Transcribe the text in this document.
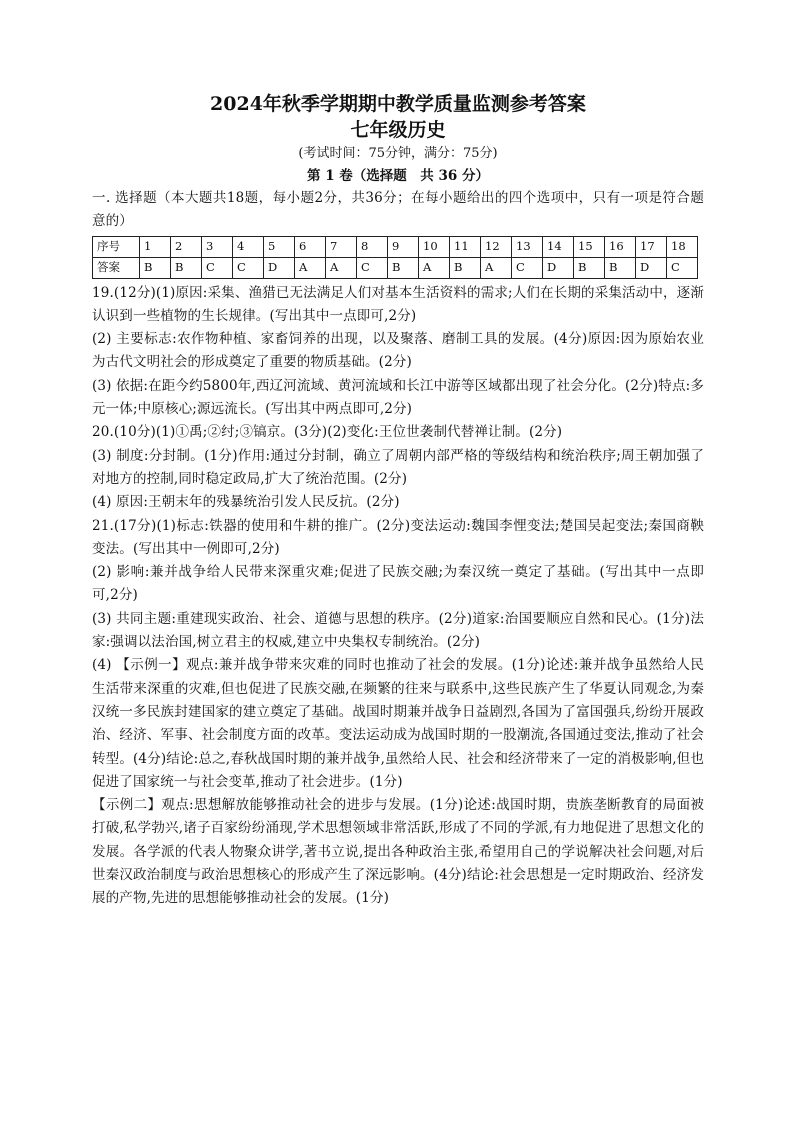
2024年秋季学期期中教学质量监测参考答案

七年级历史

(考试时间：75分钟，满分：75分)

第 1 卷（选择题　共 36 分）

一. 选择题（本大题共18题，每小题2分，共36分；在每小题给出的四个选项中，只有一项是符合题意的）

序号	1	2	3	4	5	6	7	8	9	10	11	12	13	14	15	16	17	18
答案	B	B	C	C	D	A	A	C	B	A	B	A	C	D	B	B	D	C

19.(12分)(1)原因:采集、渔猎已无法满足人们对基本生活资料的需求;人们在长期的采集活动中，逐渐认识到一些植物的生长规律。(写出其中一点即可,2分)

(2) 主要标志:农作物种植、家畜饲养的出现，以及聚落、磨制工具的发展。(4分)原因:因为原始农业为古代文明社会的形成奠定了重要的物质基础。(2分)

(3) 依据:在距今约5800年,西辽河流域、黄河流域和长江中游等区域都出现了社会分化。(2分)特点:多元一体;中原核心;源远流长。(写出其中两点即可,2分)

20.(10分)(1)①禹;②纣;③镐京。(3分)(2)变化:王位世袭制代替禅让制。(2分)

(3) 制度:分封制。(1分)作用:通过分封制，确立了周朝内部严格的等级结构和统治秩序;周王朝加强了对地方的控制,同时稳定政局,扩大了统治范围。(2分)

(4) 原因:王朝末年的残暴统治引发人民反抗。(2分)

21.(17分)(1)标志:铁器的使用和牛耕的推广。(2分)变法运动:魏国李悝变法;楚国吴起变法;秦国商鞅变法。(写出其中一例即可,2分)

(2) 影响:兼并战争给人民带来深重灾难;促进了民族交融;为秦汉统一奠定了基础。(写出其中一点即可,2分)

(3) 共同主题:重建现实政治、社会、道德与思想的秩序。(2分)道家:治国要顺应自然和民心。(1分)法家:强调以法治国,树立君主的权威,建立中央集权专制统治。(2分)

(4) 【示例一】观点:兼并战争带来灾难的同时也推动了社会的发展。(1分)论述:兼并战争虽然给人民生活带来深重的灾难,但也促进了民族交融,在频繁的往来与联系中,这些民族产生了华夏认同观念,为秦汉统一多民族封建国家的建立奠定了基础。战国时期兼并战争日益剧烈,各国为了富国强兵,纷纷开展政治、经济、军事、社会制度方面的改革。变法运动成为战国时期的一股潮流,各国通过变法,推动了社会转型。(4分)结论:总之,春秋战国时期的兼并战争,虽然给人民、社会和经济带来了一定的消极影响,但也促进了国家统一与社会变革,推动了社会进步。(1分)

【示例二】观点:思想解放能够推动社会的进步与发展。(1分)论述:战国时期，贵族垄断教育的局面被打破,私学勃兴,诸子百家纷纷涌现,学术思想领域非常活跃,形成了不同的学派,有力地促进了思想文化的发展。各学派的代表人物聚众讲学,著书立说,提出各种政治主张,希望用自己的学说解决社会问题,对后世秦汉政治制度与政治思想核心的形成产生了深远影响。(4分)结论:社会思想是一定时期政治、经济发展的产物,先进的思想能够推动社会的发展。(1分)
